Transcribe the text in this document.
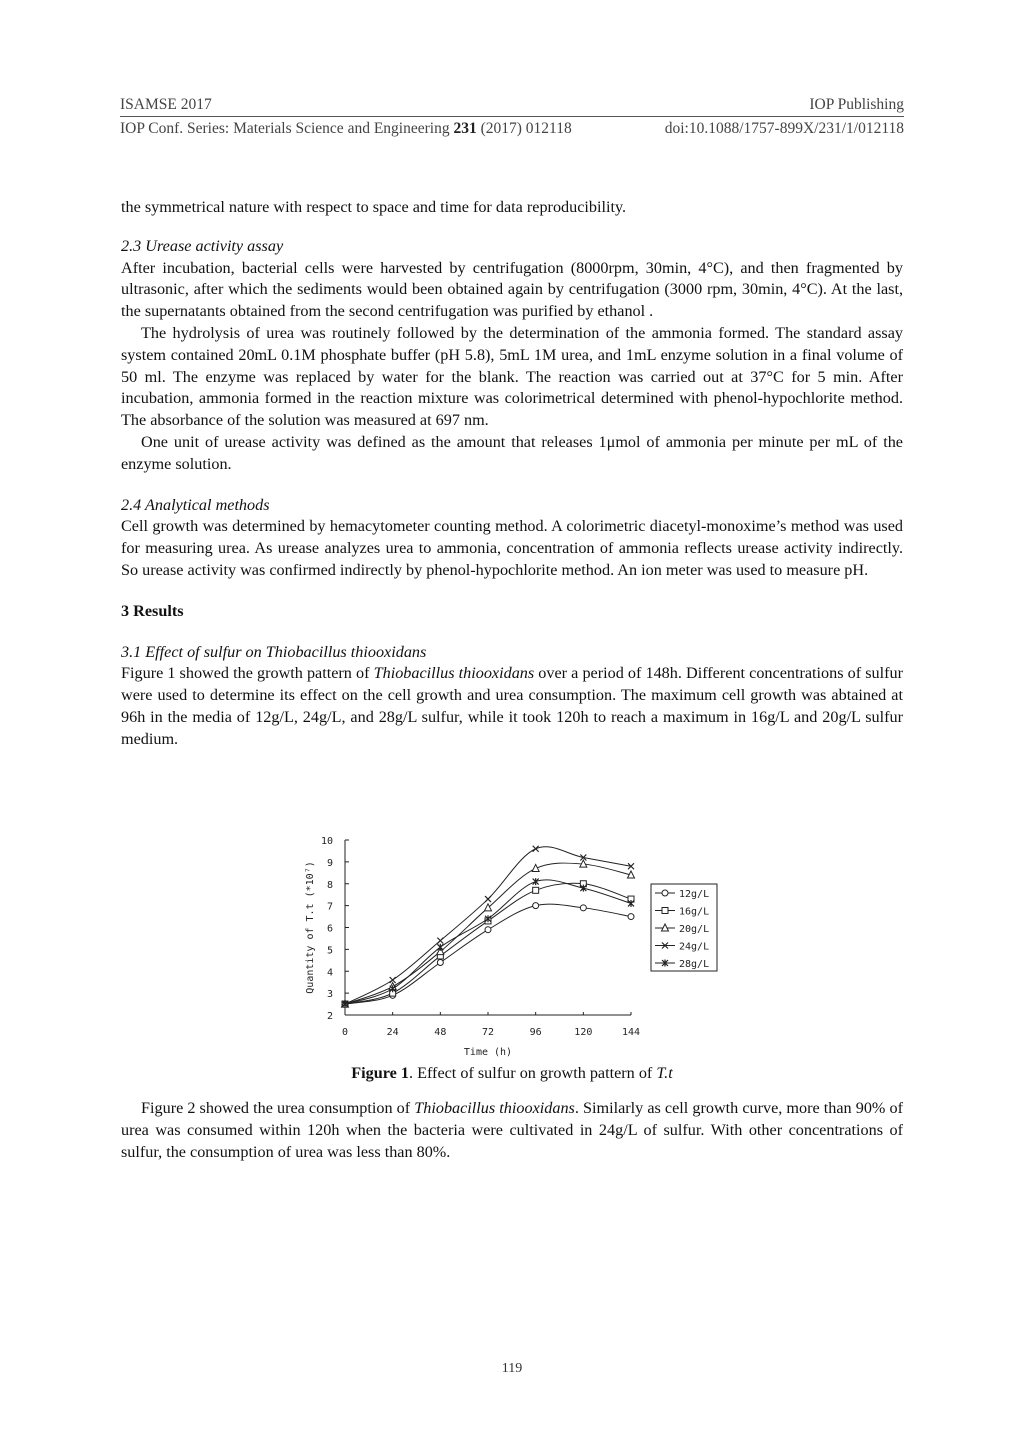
ISAMSE 2017	IOP Publishing
IOP Conf. Series: Materials Science and Engineering 231 (2017) 012118	doi:10.1088/1757-899X/231/1/012118

the symmetrical nature with respect to space and time for data reproducibility.

2.3 Urease activity assay

After incubation, bacterial cells were harvested by centrifugation (8000rpm, 30min, 4°C), and then fragmented by ultrasonic, after which the sediments would been obtained again by centrifugation (3000 rpm, 30min, 4°C). At the last, the supernatants obtained from the second centrifugation was purified by ethanol .

The hydrolysis of urea was routinely followed by the determination of the ammonia formed. The standard assay system contained 20mL 0.1M phosphate buffer (pH 5.8), 5mL 1M urea, and 1mL enzyme solution in a final volume of 50 ml. The enzyme was replaced by water for the blank. The reaction was carried out at 37°C for 5 min. After incubation, ammonia formed in the reaction mixture was colorimetrical determined with phenol-hypochlorite method. The absorbance of the solution was measured at 697 nm.

One unit of urease activity was defined as the amount that releases 1μmol of ammonia per minute per mL of the enzyme solution.

2.4 Analytical methods

Cell growth was determined by hemacytometer counting method. A colorimetric diacetyl-monoxime’s method was used for measuring urea. As urease analyzes urea to ammonia, concentration of ammonia reflects urease activity indirectly. So urease activity was confirmed indirectly by phenol-hypochlorite method. An ion meter was used to measure pH.

3 Results

3.1 Effect of sulfur on Thiobacillus thiooxidans

Figure 1 showed the growth pattern of Thiobacillus thiooxidans over a period of 148h. Different concentrations of sulfur were used to determine its effect on the cell growth and urea consumption. The maximum cell growth was abtained at 96h in the media of 12g/L, 24g/L, and 28g/L sulfur, while it took 120h to reach a maximum in 16g/L and 20g/L sulfur medium.

2
3
4
5
6
7
8
9
10
0	24	48	72	96	120	144
Time (h)
Quantity of T.t (*10⁷)	12g/L
16g/L
20g/L
24g/L
28g/L
Figure 1. Effect of sulfur on growth pattern of T.t

Figure 2 showed the urea consumption of Thiobacillus thiooxidans. Similarly as cell growth curve, more than 90% of urea was consumed within 120h when the bacteria were cultivated in 24g/L of sulfur. With other concentrations of sulfur, the consumption of urea was less than 80%.

119
